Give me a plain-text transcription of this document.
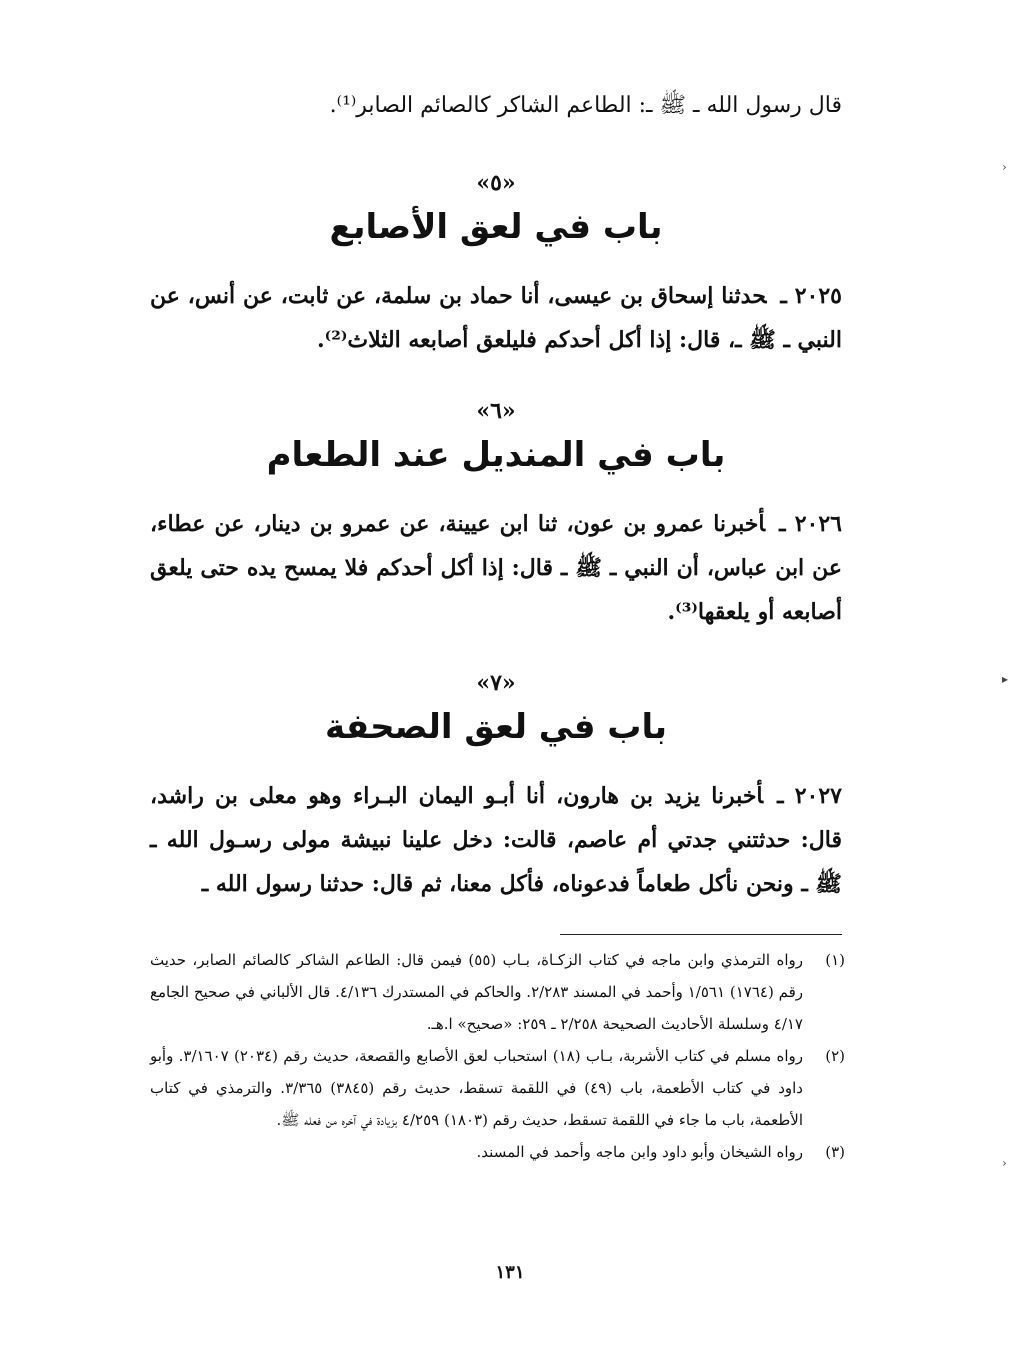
قال رسول الله ـ ﷺ ـ: الطاعم الشاكر كالصائم الصابر⁽¹⁾.

«٥»
باب في لعق الأصابع

٢٠٢٥ ـحدثنا إسحاق بن عيسى، أنا حماد بن سلمة، عن ثابت، عن أنس، عن النبي ـ ﷺ ـ، قال: إذا أكل أحدكم فليلعق أصابعه الثلاث⁽²⁾.

«٦»
باب في المنديل عند الطعام

٢٠٢٦ ـأخبرنا عمرو بن عون، ثنا ابن عيينة، عن عمرو بن دينار، عن عطاء، عن ابن عباس، أن النبي ـ ﷺ ـ قال: إذا أكل أحدكم فلا يمسح يده حتى يلعق أصابعه أو يلعقها⁽³⁾.

«٧»
باب في لعق الصحفة

٢٠٢٧ ـأخبرنا يزيد بن هارون، أنا أبـو اليمان البـراء وهو معلى بن راشد، قال: حدثتني جدتي أم عاصم، قالت: دخل علينا نبيشة مولى رسـول الله ـ ﷺ ـ ونحن نأكل طعاماً فدعوناه، فأكل معنا، ثم قال: حدثنا رسول الله ـ

(١)
رواه الترمذي وابن ماجه في كتاب الزكـاة، بـاب (٥٥) فيمن قال: الطاعم الشاكر كالصائم الصابر، حديث رقم (١٧٦٤) ١/٥٦١ وأحمد في المسند ٢/٢٨٣. والحاكم في المستدرك ٤/١٣٦. قال الألباني في صحيح الجامع ٤/١٧ وسلسلة الأحاديث الصحيحة ٢/٢٥٨ ـ ٢٥٩: «صحيح» ا.هـ.
(٢)
رواه مسلم في كتاب الأشربة، بـاب (١٨) استحباب لعق الأصابع والقصعة، حديث رقم (٢٠٣٤) ٣/١٦٠٧. وأبو داود في كتاب الأطعمة، باب (٤٩) في اللقمة تسقط، حديث رقم (٣٨٤٥) ٣/٣٦٥. والترمذي في كتاب الأطعمة، باب ما جاء في اللقمة تسقط، حديث رقم (١٨٠٣) ٤/٢٥٩ بزيادة في آخره من فعله ﷺ.
(٣)
رواه الشيخان وأبو داود وابن ماجه وأحمد في المسند.
١٣١
›
▸
›
